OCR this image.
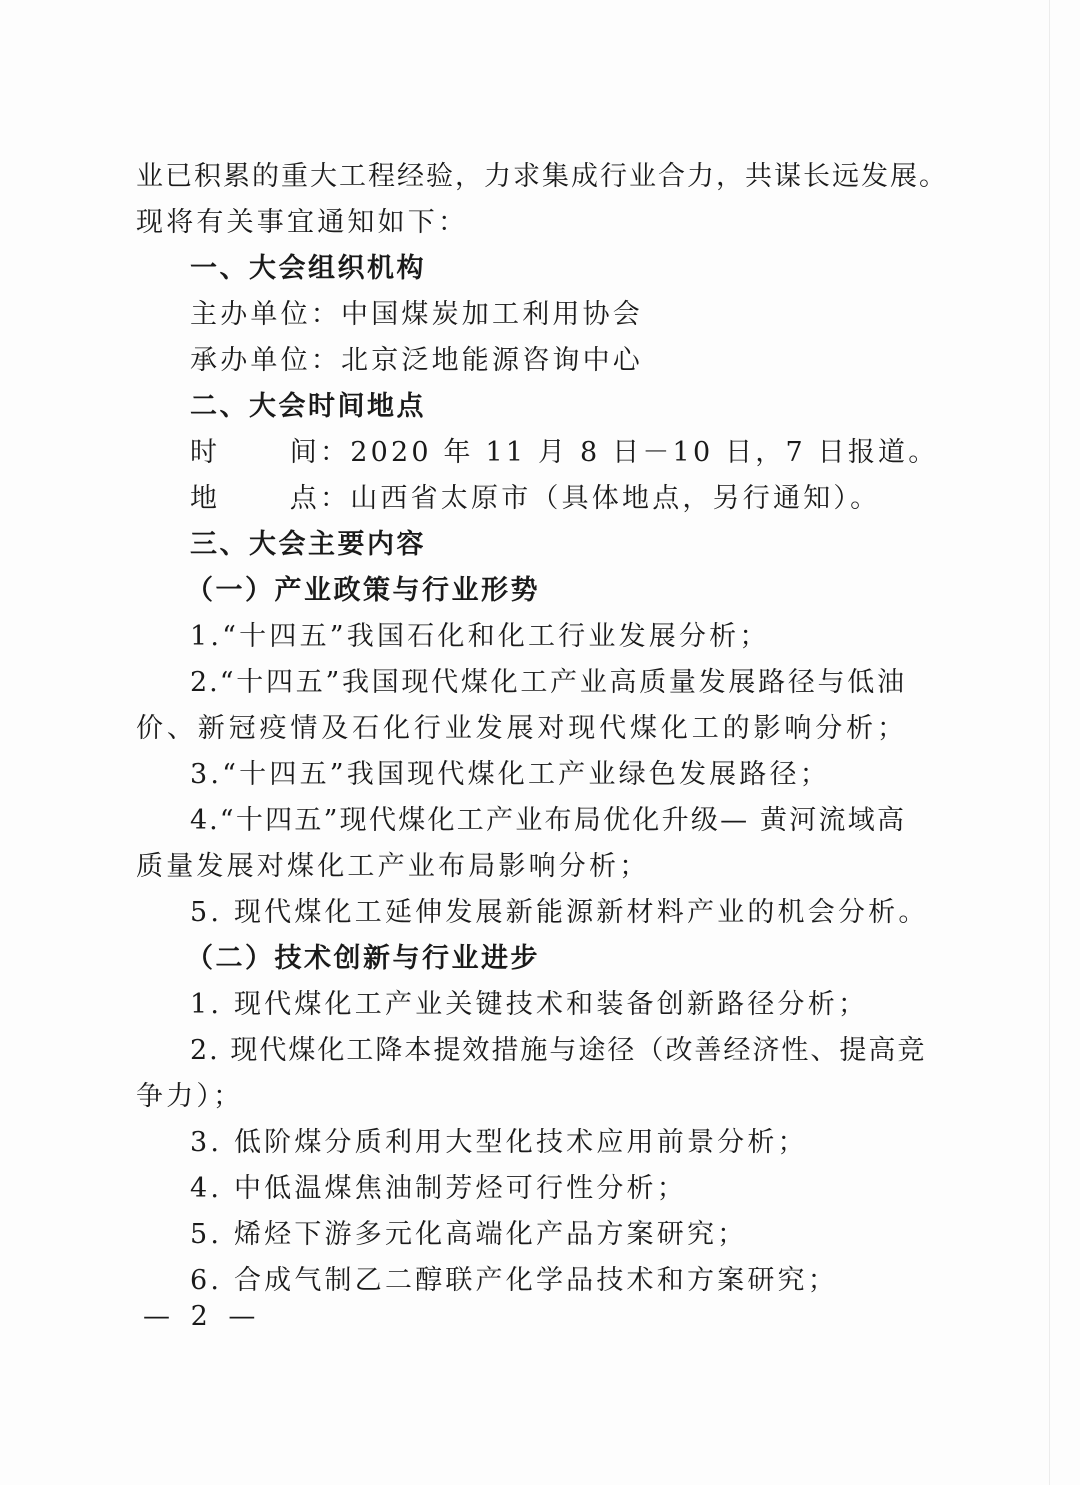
业已积累的重大工程经验，力求集成行业合力，共谋长远发展。
现将有关事宜通知如下：
一、大会组织机构
主办单位：中国煤炭加工利用协会
承办单位：北京泛地能源咨询中心
二、大会时间地点
时 间：2020 年 11 月 8 日－10 日，7 日报道。
地 点：山西省太原市（具体地点，另行通知）。
三、大会主要内容
（一）产业政策与行业形势
1.“十四五”我国石化和化工行业发展分析；
2.“十四五”我国现代煤化工产业高质量发展路径与低油
价、新冠疫情及石化行业发展对现代煤化工的影响分析；
3.“十四五”我国现代煤化工产业绿色发展路径；
4.“十四五”现代煤化工产业布局优化升级— 黄河流域高
质量发展对煤化工产业布局影响分析；
5. 现代煤化工延伸发展新能源新材料产业的机会分析。
（二）技术创新与行业进步
1. 现代煤化工产业关键技术和装备创新路径分析；
2. 现代煤化工降本提效措施与途径（改善经济性、提高竞
争力）；
3. 低阶煤分质利用大型化技术应用前景分析；
4. 中低温煤焦油制芳烃可行性分析；
5. 烯烃下游多元化高端化产品方案研究；
6. 合成气制乙二醇联产化学品技术和方案研究；
— 2 —
